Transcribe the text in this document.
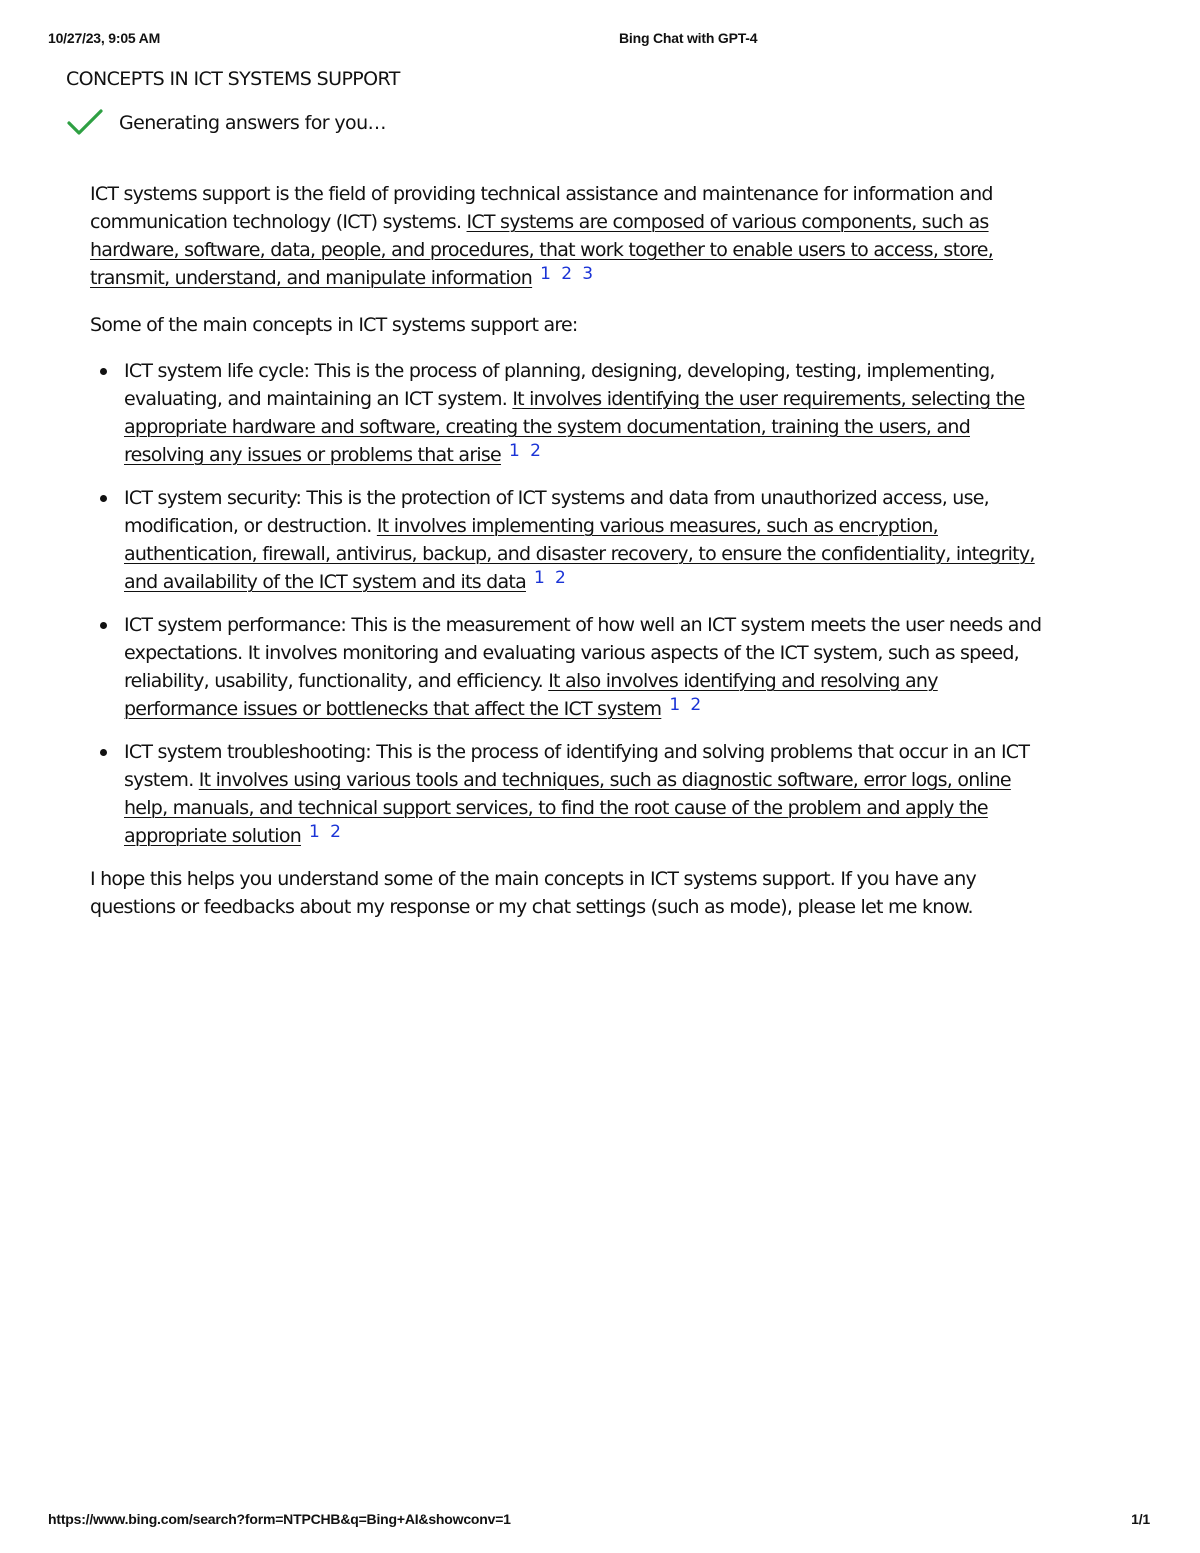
10/27/23, 9:05 AM	Bing Chat with GPT-4
CONCEPTS IN ICT SYSTEMS SUPPORT
Generating answers for you…

ICT systems support is the field of providing technical assistance and maintenance for information and communication technology (ICT) systems. ICT systems are composed of various components, such as hardware, software, data, people, and procedures, that work together to enable users to access, store, transmit, understand, and manipulate information 1 2 3

Some of the main concepts in ICT systems support are:

ICT system life cycle: This is the process of planning, designing, developing, testing, implementing, evaluating, and maintaining an ICT system. It involves identifying the user requirements, selecting the appropriate hardware and software, creating the system documentation, training the users, and resolving any issues or problems that arise 1 2
ICT system security: This is the protection of ICT systems and data from unauthorized access, use, modification, or destruction. It involves implementing various measures, such as encryption, authentication, firewall, antivirus, backup, and disaster recovery, to ensure the confidentiality, integrity, and availability of the ICT system and its data 1 2
ICT system performance: This is the measurement of how well an ICT system meets the user needs and expectations. It involves monitoring and evaluating various aspects of the ICT system, such as speed, reliability, usability, functionality, and efficiency. It also involves identifying and resolving any performance issues or bottlenecks that affect the ICT system 1 2
ICT system troubleshooting: This is the process of identifying and solving problems that occur in an ICT system. It involves using various tools and techniques, such as diagnostic software, error logs, online help, manuals, and technical support services, to find the root cause of the problem and apply the appropriate solution 1 2

I hope this helps you understand some of the main concepts in ICT systems support. If you have any questions or feedbacks about my response or my chat settings (such as mode), please let me know.

https://www.bing.com/search?form=NTPCHB&q=Bing+AI&showconv=1	1/1
